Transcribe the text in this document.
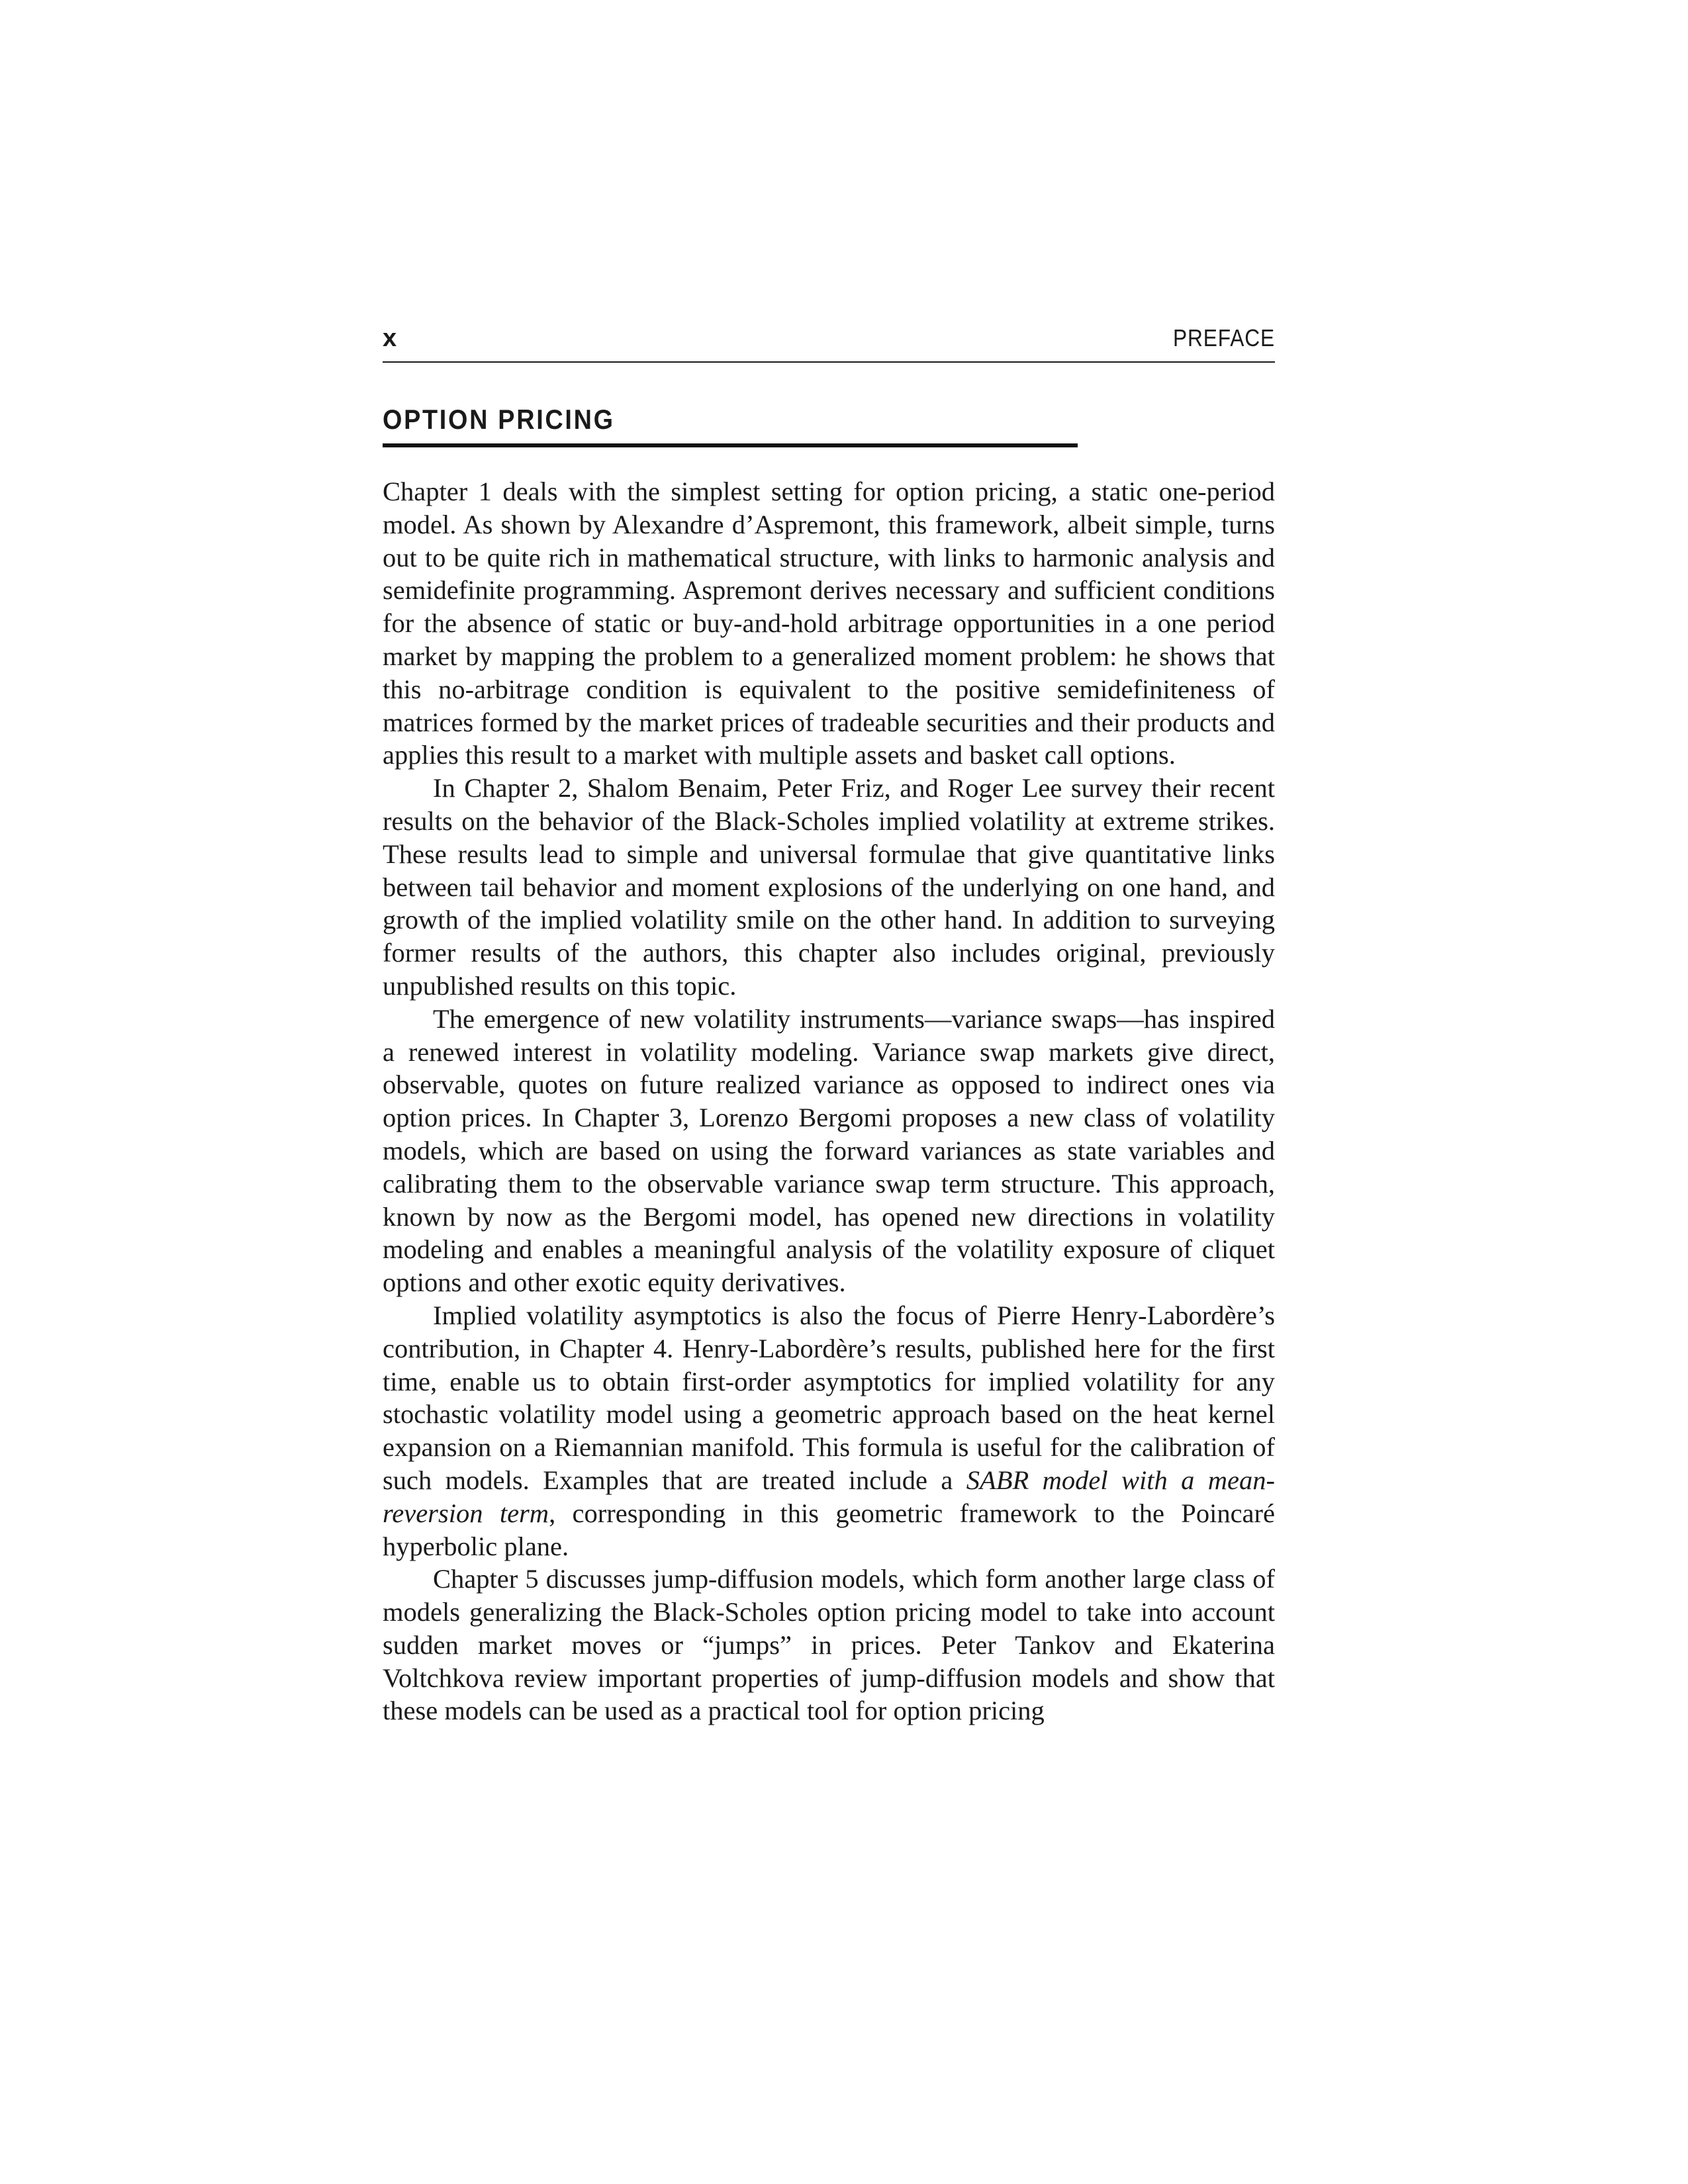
x	PREFACE
OPTION PRICING

Chapter 1 deals with the simplest setting for option pricing, a static one-period model. As shown by Alexandre d’Aspremont, this framework, albeit simple, turns out to be quite rich in mathematical structure, with links to harmonic analysis and semidefinite programming. Aspremont derives necessary and sufficient conditions for the absence of static or buy-and-hold arbitrage opportunities in a one period market by mapping the problem to a generalized moment problem: he shows that this no-arbitrage condition is equivalent to the positive semidefiniteness of matrices formed by the market prices of tradeable securities and their products and applies this result to a market with multiple assets and basket call options.

In Chapter 2, Shalom Benaim, Peter Friz, and Roger Lee survey their recent results on the behavior of the Black-Scholes implied volatility at extreme strikes. These results lead to simple and universal formulae that give quantitative links between tail behavior and moment explosions of the underlying on one hand, and growth of the implied volatility smile on the other hand. In addition to surveying former results of the authors, this chapter also includes original, previously unpublished results on this topic.

The emergence of new volatility instruments—variance swaps—has inspired a renewed interest in volatility modeling. Variance swap markets give direct, observable, quotes on future realized variance as opposed to indirect ones via option prices. In Chapter 3, Lorenzo Bergomi proposes a new class of volatility models, which are based on using the forward variances as state variables and calibrating them to the observable variance swap term structure. This approach, known by now as the Bergomi model, has opened new directions in volatility modeling and enables a meaningful analysis of the volatility exposure of cliquet options and other exotic equity derivatives.

Implied volatility asymptotics is also the focus of Pierre Henry-Labordère’s contribution, in Chapter 4. Henry-Labordère’s results, published here for the first time, enable us to obtain first-order asymptotics for implied volatility for any stochastic volatility model using a geometric approach based on the heat kernel expansion on a Riemannian manifold. This formula is useful for the calibration of such models. Examples that are treated include a SABR model with a mean-reversion term, corresponding in this geometric framework to the Poincaré hyperbolic plane.

Chapter 5 discusses jump-diffusion models, which form another large class of models generalizing the Black-Scholes option pricing model to take into account sudden market moves or “jumps” in prices. Peter Tankov and Ekaterina Voltchkova review important properties of jump-diffusion models and show that these models can be used as a practical tool for option pricing
